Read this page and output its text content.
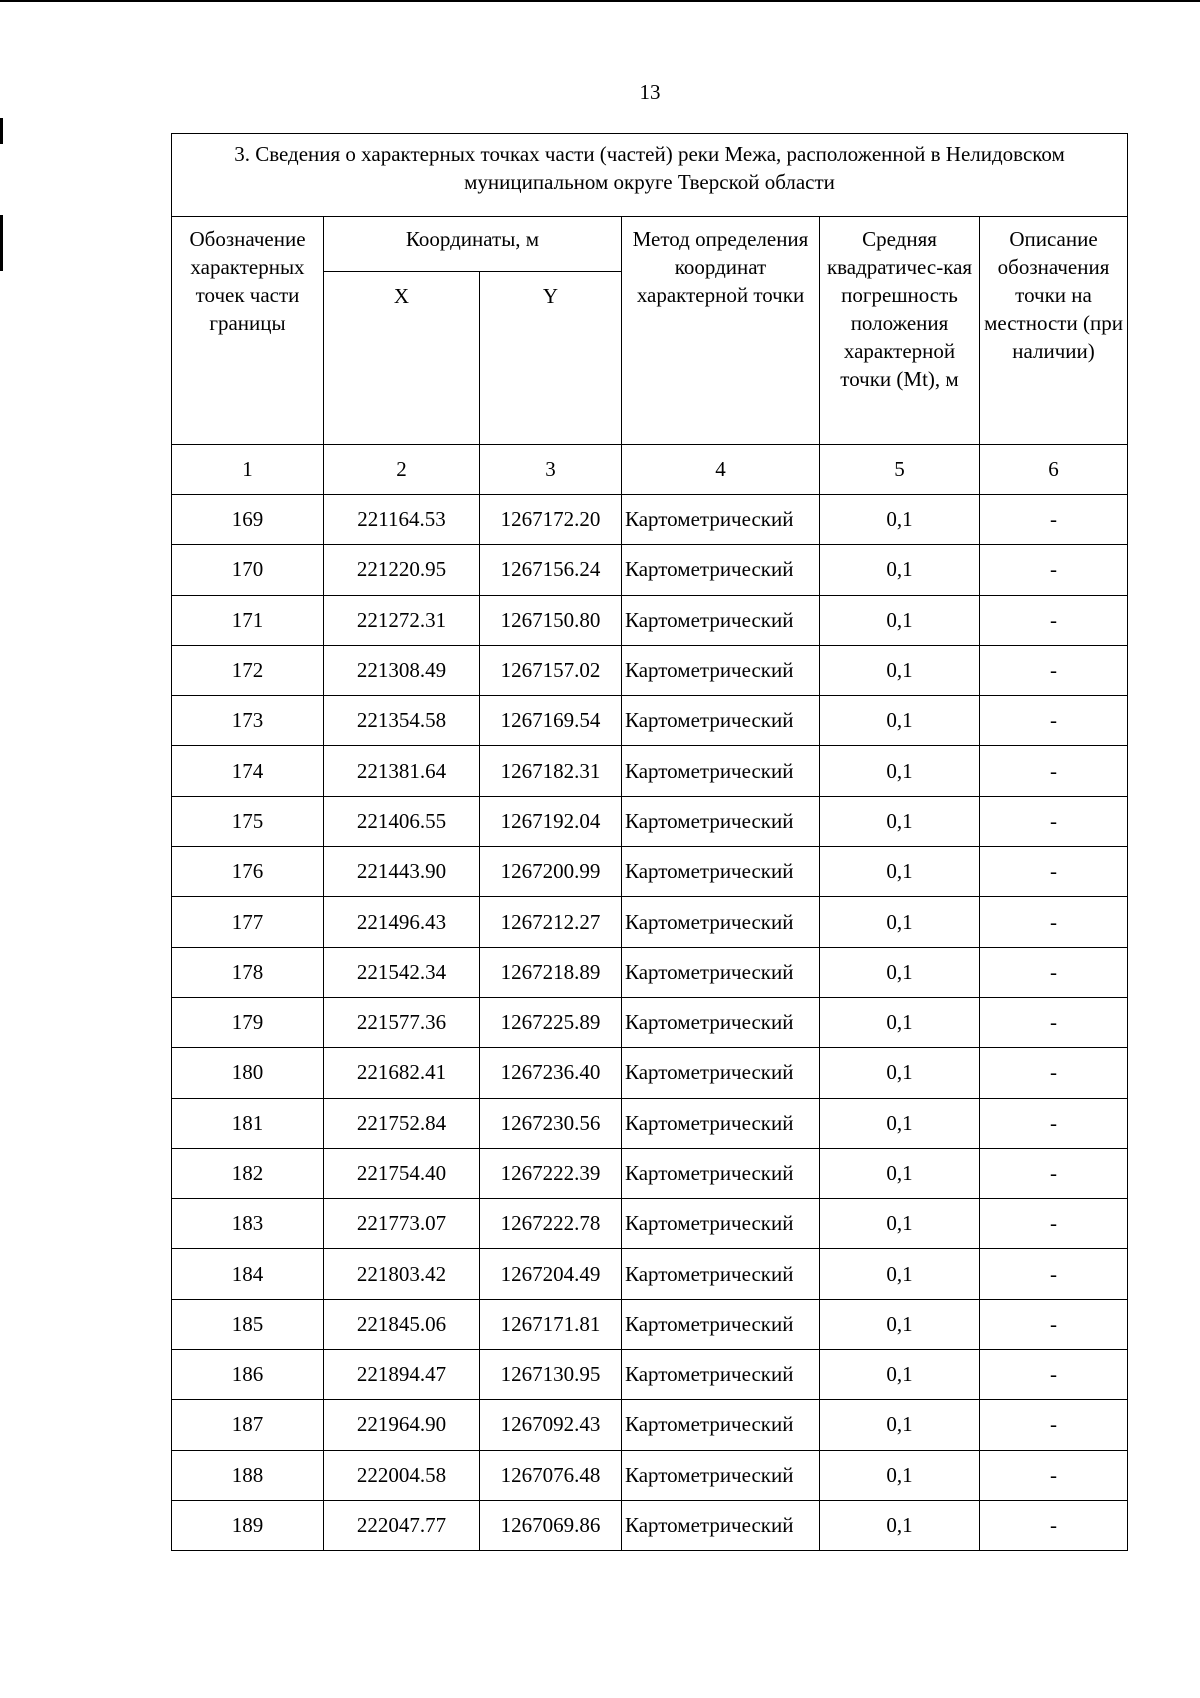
13
3. Сведения о характерных точках части (частей) реки Межа, расположенной в Нелидовском муниципальном округе Тверской области					
Обозначение характерных точек части границы	Координаты, м		Метод определения координат характерной точки	Средняя квадратичес-кая погрешность положения характерной точки (Mt), м	Описание обозначения точки на местности (при наличии)
	X	Y			
1	2	3	4	5	6
169	221164.53	1267172.20	Картометрический	0,1	-
170	221220.95	1267156.24	Картометрический	0,1	-
171	221272.31	1267150.80	Картометрический	0,1	-
172	221308.49	1267157.02	Картометрический	0,1	-
173	221354.58	1267169.54	Картометрический	0,1	-
174	221381.64	1267182.31	Картометрический	0,1	-
175	221406.55	1267192.04	Картометрический	0,1	-
176	221443.90	1267200.99	Картометрический	0,1	-
177	221496.43	1267212.27	Картометрический	0,1	-
178	221542.34	1267218.89	Картометрический	0,1	-
179	221577.36	1267225.89	Картометрический	0,1	-
180	221682.41	1267236.40	Картометрический	0,1	-
181	221752.84	1267230.56	Картометрический	0,1	-
182	221754.40	1267222.39	Картометрический	0,1	-
183	221773.07	1267222.78	Картометрический	0,1	-
184	221803.42	1267204.49	Картометрический	0,1	-
185	221845.06	1267171.81	Картометрический	0,1	-
186	221894.47	1267130.95	Картометрический	0,1	-
187	221964.90	1267092.43	Картометрический	0,1	-
188	222004.58	1267076.48	Картометрический	0,1	-
189	222047.77	1267069.86	Картометрический	0,1	-
